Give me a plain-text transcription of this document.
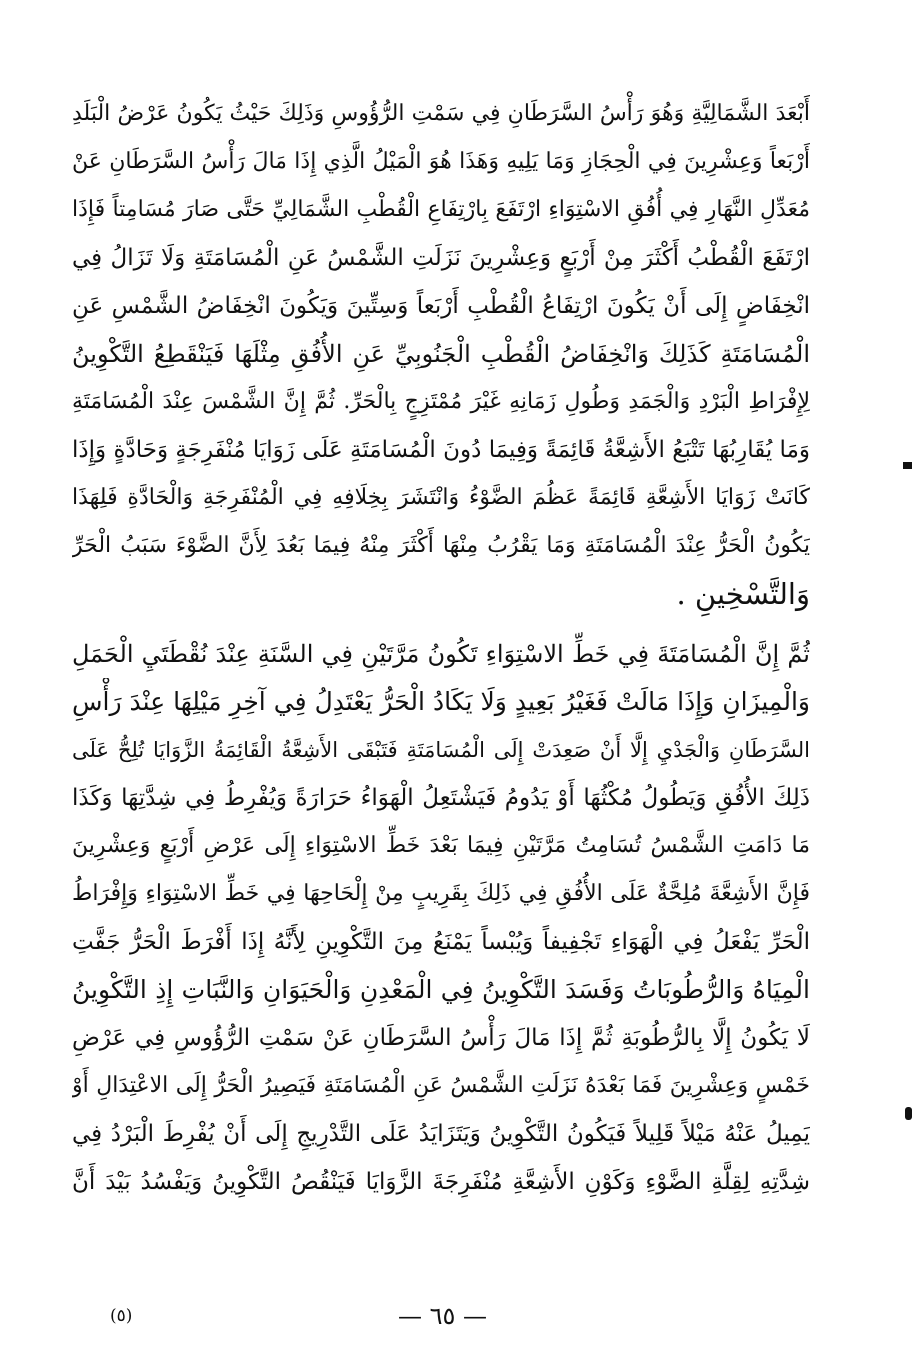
أَبْعَدَ الشَّمَالِيَّةِ وَهُوَ رَأْسُ السَّرَطَانِ فِي سَمْتِ الرُّؤُوسِ وَذَلِكَ حَيْثُ يَكُونُ عَرْضُ الْبَلَدِ
أَرْبَعاً وَعِشْرِينَ فِي الْحِجَازِ وَمَا يَلِيهِ وَهَذَا هُوَ الْمَيْلُ الَّذِي إِذَا مَالَ رَأْسُ السَّرَطَانِ عَنْ
مُعَدِّلِ النَّهَارِ فِي أُفُقِ الاسْتِوَاءِ ارْتَفَعَ بِارْتِفَاعِ الْقُطْبِ الشَّمَالِيِّ حَتَّى صَارَ مُسَامِتاً فَإِذَا
ارْتَفَعَ الْقُطْبُ أَكْثَرَ مِنْ أَرْبَعٍ وَعِشْرِينَ نَزَلَتِ الشَّمْسُ عَنِ الْمُسَامَتَةِ وَلَا تَزَالُ فِي
انْخِفَاضٍ إِلَى أَنْ يَكُونَ ارْتِفَاعُ الْقُطْبِ أَرْبَعاً وَسِتِّينَ وَيَكُونَ انْخِفَاضُ الشَّمْسِ عَنِ
الْمُسَامَتَةِ كَذَلِكَ وَانْخِفَاضُ الْقُطْبِ الْجَنُوبِيِّ عَنِ الأُفُقِ مِثْلَهَا فَيَنْقَطِعُ التَّكْوِينُ
لِإِفْرَاطِ الْبَرْدِ وَالْجَمَدِ وَطُولِ زَمَانِهِ غَيْرَ مُمْتَزِجٍ بِالْحَرِّ. ثُمَّ إِنَّ الشَّمْسَ عِنْدَ الْمُسَامَتَةِ
وَمَا يُقَارِبُهَا تَتْبَعُ الأَشِعَّةُ قَائِمَةً وَفِيمَا دُونَ الْمُسَامَتَةِ عَلَى زَوَايَا مُنْفَرِجَةٍ وَحَادَّةٍ وَإِذَا
كَانَتْ زَوَايَا الأَشِعَّةِ قَائِمَةً عَظُمَ الضَّوْءُ وَانْتَشَرَ بِخِلَافِهِ فِي الْمُنْفَرِجَةِ وَالْحَادَّةِ فَلِهَذَا
يَكُونُ الْحَرُّ عِنْدَ الْمُسَامَتَةِ وَمَا يَقْرُبُ مِنْهَا أَكْثَرَ مِنْهُ فِيمَا بَعُدَ لِأَنَّ الضَّوْءَ سَبَبُ الْحَرِّ
وَالتَّسْخِينِ .
ثُمَّ إِنَّ الْمُسَامَتَةَ فِي خَطِّ الاسْتِوَاءِ تَكُونُ مَرَّتَيْنِ فِي السَّنَةِ عِنْدَ نُقْطَتَيِ الْحَمَلِ
وَالْمِيزَانِ وَإِذَا مَالَتْ فَغَيْرُ بَعِيدٍ وَلَا يَكَادُ الْحَرُّ يَعْتَدِلُ فِي آخِرِ مَيْلِهَا عِنْدَ رَأْسِ
السَّرَطَانِ وَالْجَدْيِ إِلَّا أَنْ صَعِدَتْ إِلَى الْمُسَامَتَةِ فَتَبْقَى الأَشِعَّةُ الْقَائِمَةُ الزَّوَايَا تُلِحُّ عَلَى
ذَلِكَ الأُفُقِ وَيَطُولُ مُكْثُهَا أَوْ يَدُومُ فَيَشْتَعِلُ الْهَوَاءُ حَرَارَةً وَيُفْرِطُ فِي شِدَّتِهَا وَكَذَا
مَا دَامَتِ الشَّمْسُ تُسَامِتُ مَرَّتَيْنِ فِيمَا بَعْدَ خَطِّ الاسْتِوَاءِ إِلَى عَرْضِ أَرْبَعٍ وَعِشْرِينَ
فَإِنَّ الأَشِعَّةَ مُلِحَّةٌ عَلَى الأُفُقِ فِي ذَلِكَ بِقَرِيبٍ مِنْ إِلْحَاحِهَا فِي خَطِّ الاسْتِوَاءِ وَإِفْرَاطُ
الْحَرِّ يَفْعَلُ فِي الْهَوَاءِ تَجْفِيفاً وَيُبْساً يَمْنَعُ مِنَ التَّكْوِينِ لِأَنَّهُ إِذَا أَفْرَطَ الْحَرُّ جَفَّتِ
الْمِيَاهُ وَالرُّطُوبَاتُ وَفَسَدَ التَّكْوِينُ فِي الْمَعْدِنِ وَالْحَيَوَانِ وَالنَّبَاتِ إِذِ التَّكْوِينُ
لَا يَكُونُ إِلَّا بِالرُّطُوبَةِ ثُمَّ إِذَا مَالَ رَأْسُ السَّرَطَانِ عَنْ سَمْتِ الرُّؤُوسِ فِي عَرْضِ
خَمْسٍ وَعِشْرِينَ فَمَا بَعْدَهُ نَزَلَتِ الشَّمْسُ عَنِ الْمُسَامَتَةِ فَيَصِيرُ الْحَرُّ إِلَى الاعْتِدَالِ أَوْ
يَمِيلُ عَنْهُ مَيْلاً قَلِيلاً فَيَكُونُ التَّكْوِينُ وَيَتَزَايَدُ عَلَى التَّدْرِيجِ إِلَى أَنْ يُفْرِطَ الْبَرْدُ فِي
شِدَّتِهِ لِقِلَّةِ الضَّوْءِ وَكَوْنِ الأَشِعَّةِ مُنْفَرِجَةَ الزَّوَايَا فَيَنْقُصُ التَّكْوِينُ وَيَفْسُدُ بَيْدَ أَنَّ
(٥)	— ٦٥ —
